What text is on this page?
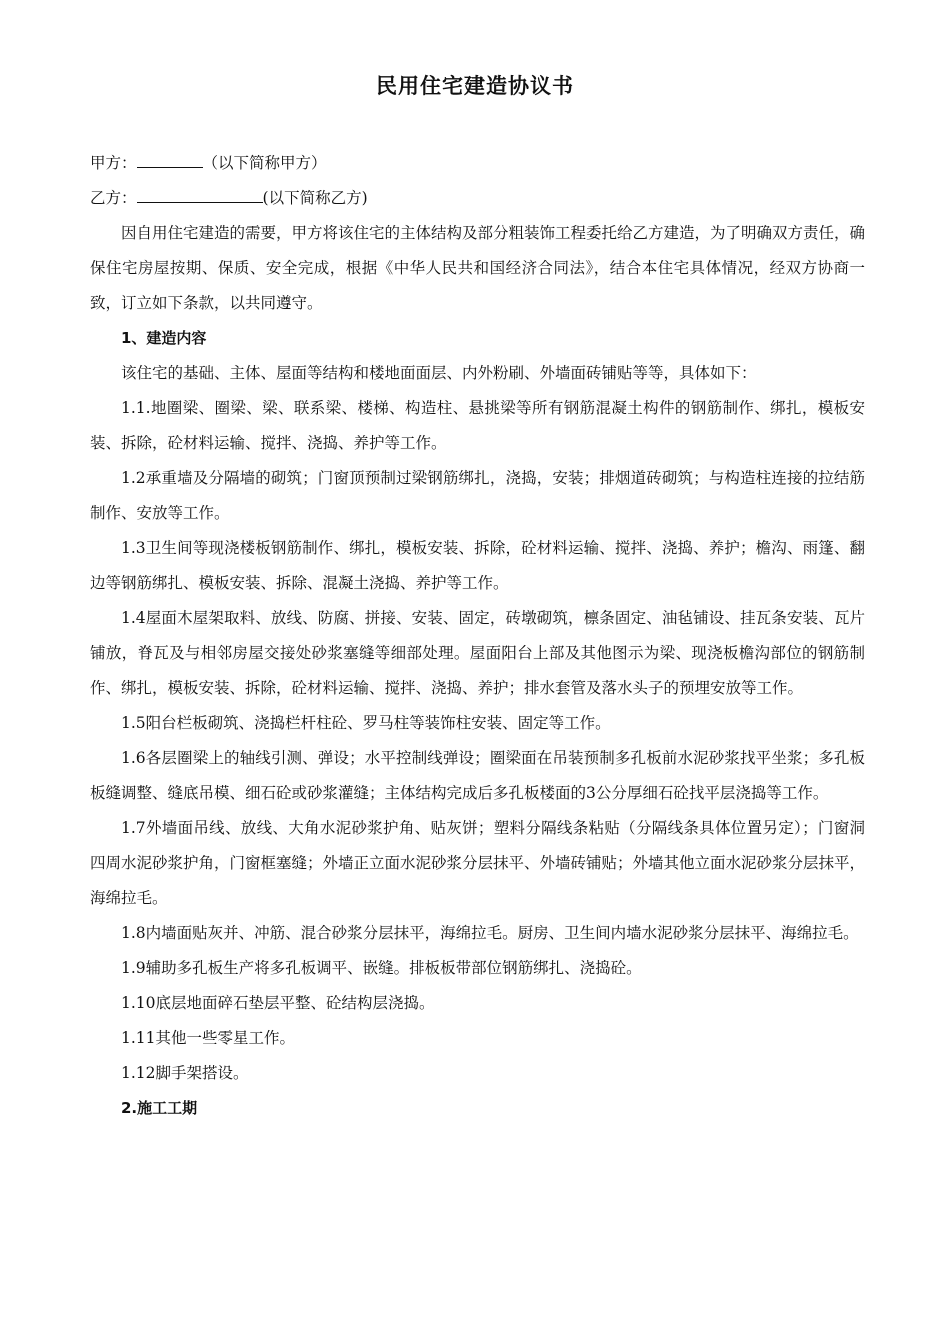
民用住宅建造协议书
甲方：	（以下简称甲方）
乙方：	(以下简称乙方)
因自用住宅建造的需要，甲方将该住宅的主体结构及部分粗装饰工程委托给乙方建造，为了明确双方责任，确保住宅房屋按期、保质、安全完成，根据《中华人民共和国经济合同法》，结合本住宅具体情况，经双方协商一致，订立如下条款，以共同遵守。
1、建造内容
该住宅的基础、主体、屋面等结构和楼地面面层、内外粉刷、外墙面砖铺贴等等，具体如下：
1.1.地圈梁、圈梁、梁、联系梁、楼梯、构造柱、悬挑梁等所有钢筋混凝土构件的钢筋制作、绑扎，模板安装、拆除，砼材料运输、搅拌、浇捣、养护等工作。
1.2承重墙及分隔墙的砌筑；门窗顶预制过梁钢筋绑扎，浇捣，安装；排烟道砖砌筑；与构造柱连接的拉结筋制作、安放等工作。
1.3卫生间等现浇楼板钢筋制作、绑扎，模板安装、拆除，砼材料运输、搅拌、浇捣、养护；檐沟、雨篷、翻边等钢筋绑扎、模板安装、拆除、混凝土浇捣、养护等工作。
1.4屋面木屋架取料、放线、防腐、拼接、安装、固定，砖墩砌筑，檩条固定、油毡铺设、挂瓦条安装、瓦片铺放，脊瓦及与相邻房屋交接处砂浆塞缝等细部处理。屋面阳台上部及其他图示为梁、现浇板檐沟部位的钢筋制作、绑扎，模板安装、拆除，砼材料运输、搅拌、浇捣、养护；排水套管及落水头子的预埋安放等工作。
1.5阳台栏板砌筑、浇捣栏杆柱砼、罗马柱等装饰柱安装、固定等工作。
1.6各层圈梁上的轴线引测、弹设；水平控制线弹设；圈梁面在吊装预制多孔板前水泥砂浆找平坐浆；多孔板板缝调整、缝底吊模、细石砼或砂浆灌缝；主体结构完成后多孔板楼面的3公分厚细石砼找平层浇捣等工作。
1.7外墙面吊线、放线、大角水泥砂浆护角、贴灰饼；塑料分隔线条粘贴（分隔线条具体位置另定）；门窗洞四周水泥砂浆护角，门窗框塞缝；外墙正立面水泥砂浆分层抹平、外墙砖铺贴；外墙其他立面水泥砂浆分层抹平，海绵拉毛。
1.8内墙面贴灰并、冲筋、混合砂浆分层抹平，海绵拉毛。厨房、卫生间内墙水泥砂浆分层抹平、海绵拉毛。
1.9辅助多孔板生产将多孔板调平、嵌缝。排板板带部位钢筋绑扎、浇捣砼。
1.10底层地面碎石垫层平整、砼结构层浇捣。
1.11其他一些零星工作。
1.12脚手架搭设。
2.施工工期
